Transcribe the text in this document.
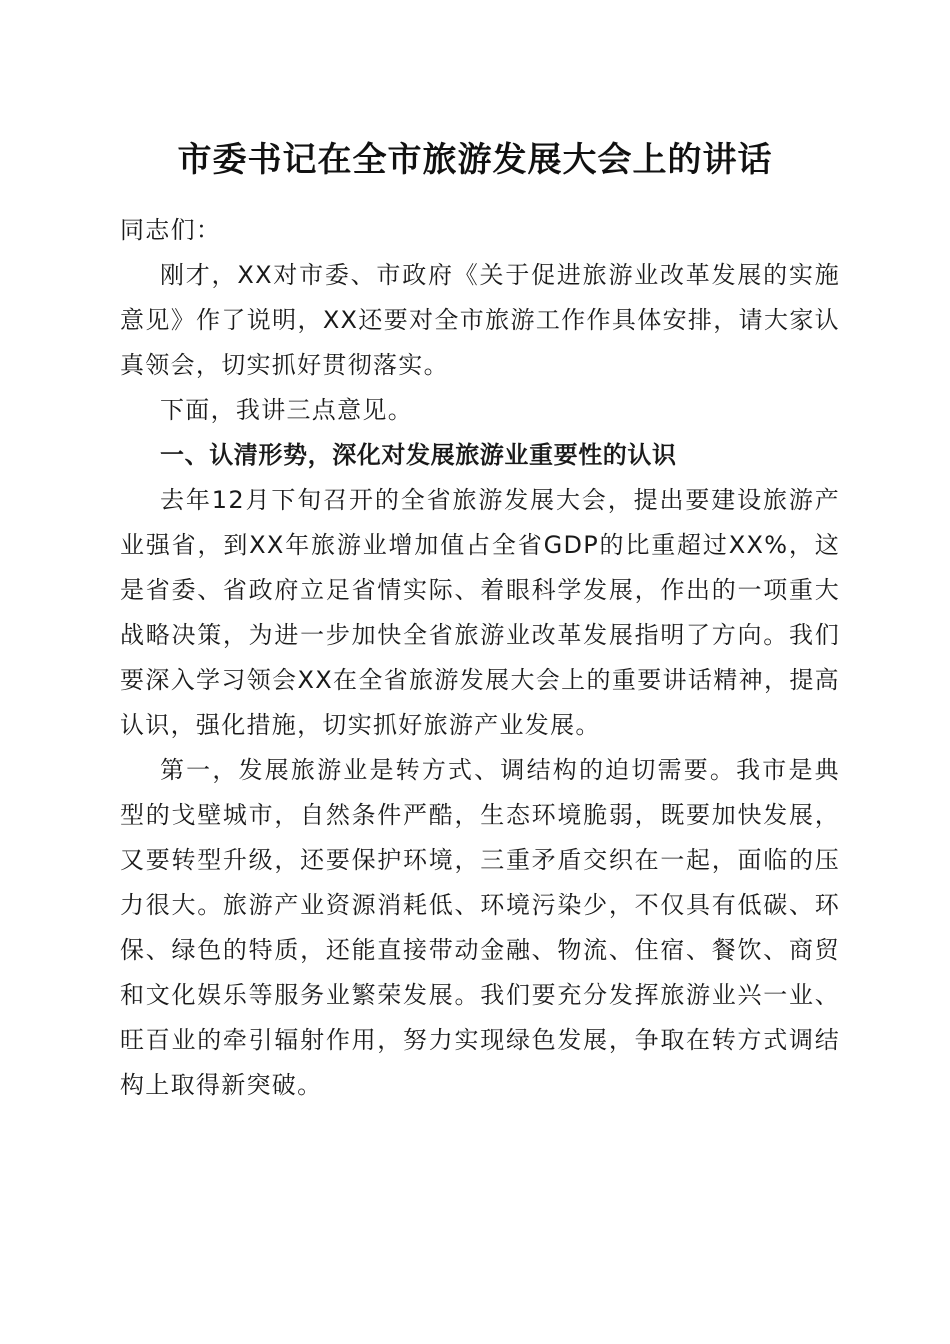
市委书记在全市旅游发展大会上的讲话

同志们：

刚才，XX对市委、市政府《关于促进旅游业改革发展的实施意见》作了说明，XX还要对全市旅游工作作具体安排，请大家认真领会，切实抓好贯彻落实。

下面，我讲三点意见。

一、认清形势，深化对发展旅游业重要性的认识

去年12月下旬召开的全省旅游发展大会，提出要建设旅游产业强省，到XX年旅游业增加值占全省GDP的比重超过XX%，这是省委、省政府立足省情实际、着眼科学发展，作出的一项重大战略决策，为进一步加快全省旅游业改革发展指明了方向。我们要深入学习领会XX在全省旅游发展大会上的重要讲话精神，提高认识，强化措施，切实抓好旅游产业发展。

第一，发展旅游业是转方式、调结构的迫切需要。我市是典型的戈壁城市，自然条件严酷，生态环境脆弱，既要加快发展，又要转型升级，还要保护环境，三重矛盾交织在一起，面临的压力很大。旅游产业资源消耗低、环境污染少，不仅具有低碳、环保、绿色的特质，还能直接带动金融、物流、住宿、餐饮、商贸和文化娱乐等服务业繁荣发展。我们要充分发挥旅游业兴一业、旺百业的牵引辐射作用，努力实现绿色发展，争取在转方式调结构上取得新突破。
